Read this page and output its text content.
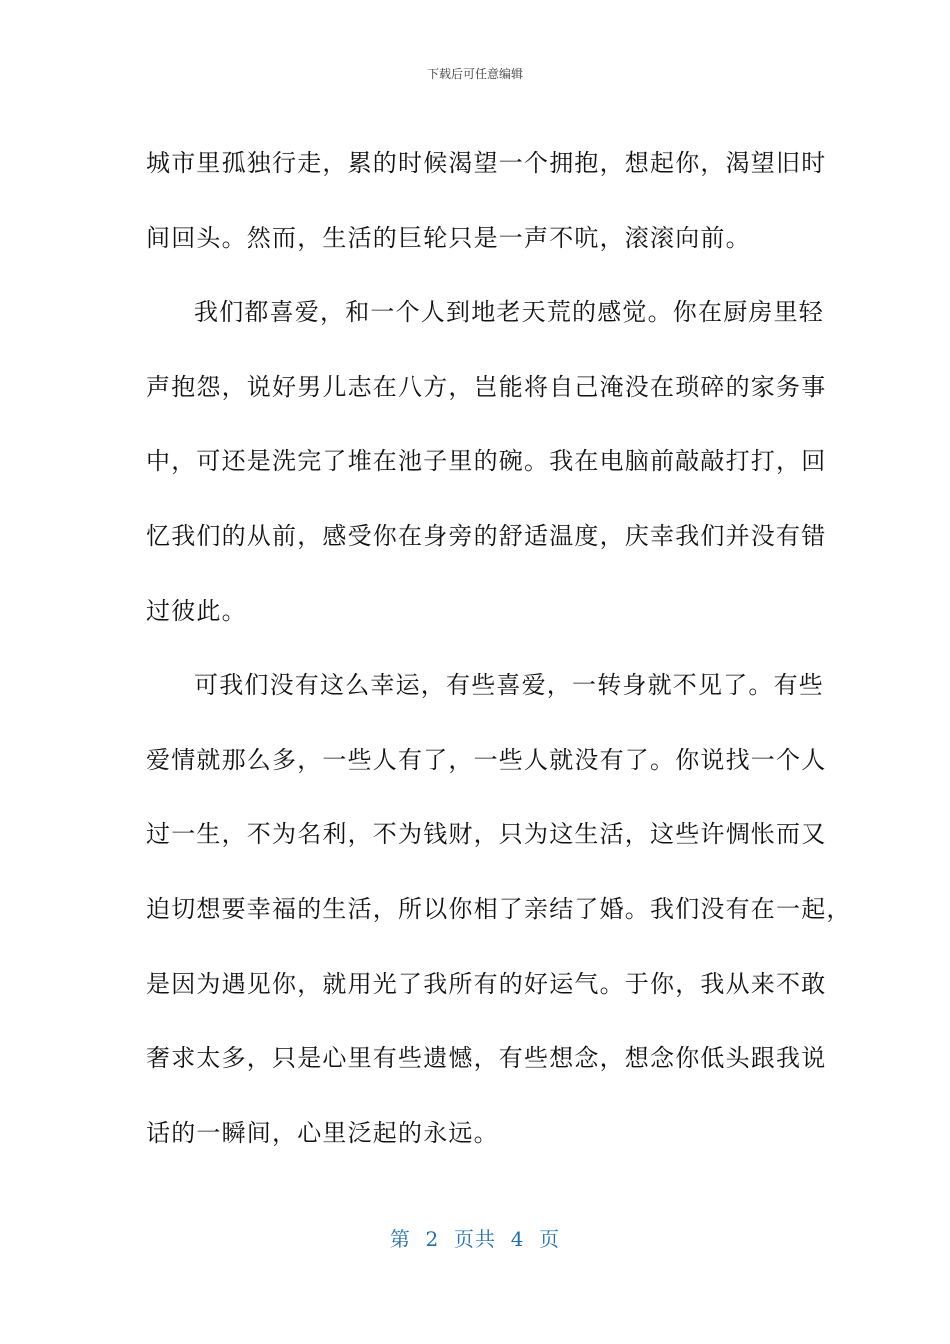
下载后可任意编辑
城市里孤独行走，累的时候渴望一个拥抱，想起你，渴望旧时
间回头。然而，生活的巨轮只是一声不吭，滚滚向前。
我们都喜爱，和一个人到地老天荒的感觉。你在厨房里轻
声抱怨，说好男儿志在八方，岂能将自己淹没在琐碎的家务事
中，可还是洗完了堆在池子里的碗。我在电脑前敲敲打打，回
忆我们的从前，感受你在身旁的舒适温度，庆幸我们并没有错
过彼此。
可我们没有这么幸运，有些喜爱，一转身就不见了。有些
爱情就那么多，一些人有了，一些人就没有了。你说找一个人
过一生，不为名利，不为钱财，只为这生活，这些许惆怅而又
迫切想要幸福的生活，所以你相了亲结了婚。我们没有在一起，
是因为遇见你，就用光了我所有的好运气。于你，我从来不敢
奢求太多，只是心里有些遗憾，有些想念，想念你低头跟我说
话的一瞬间，心里泛起的永远。
第  2  页共  4  页
